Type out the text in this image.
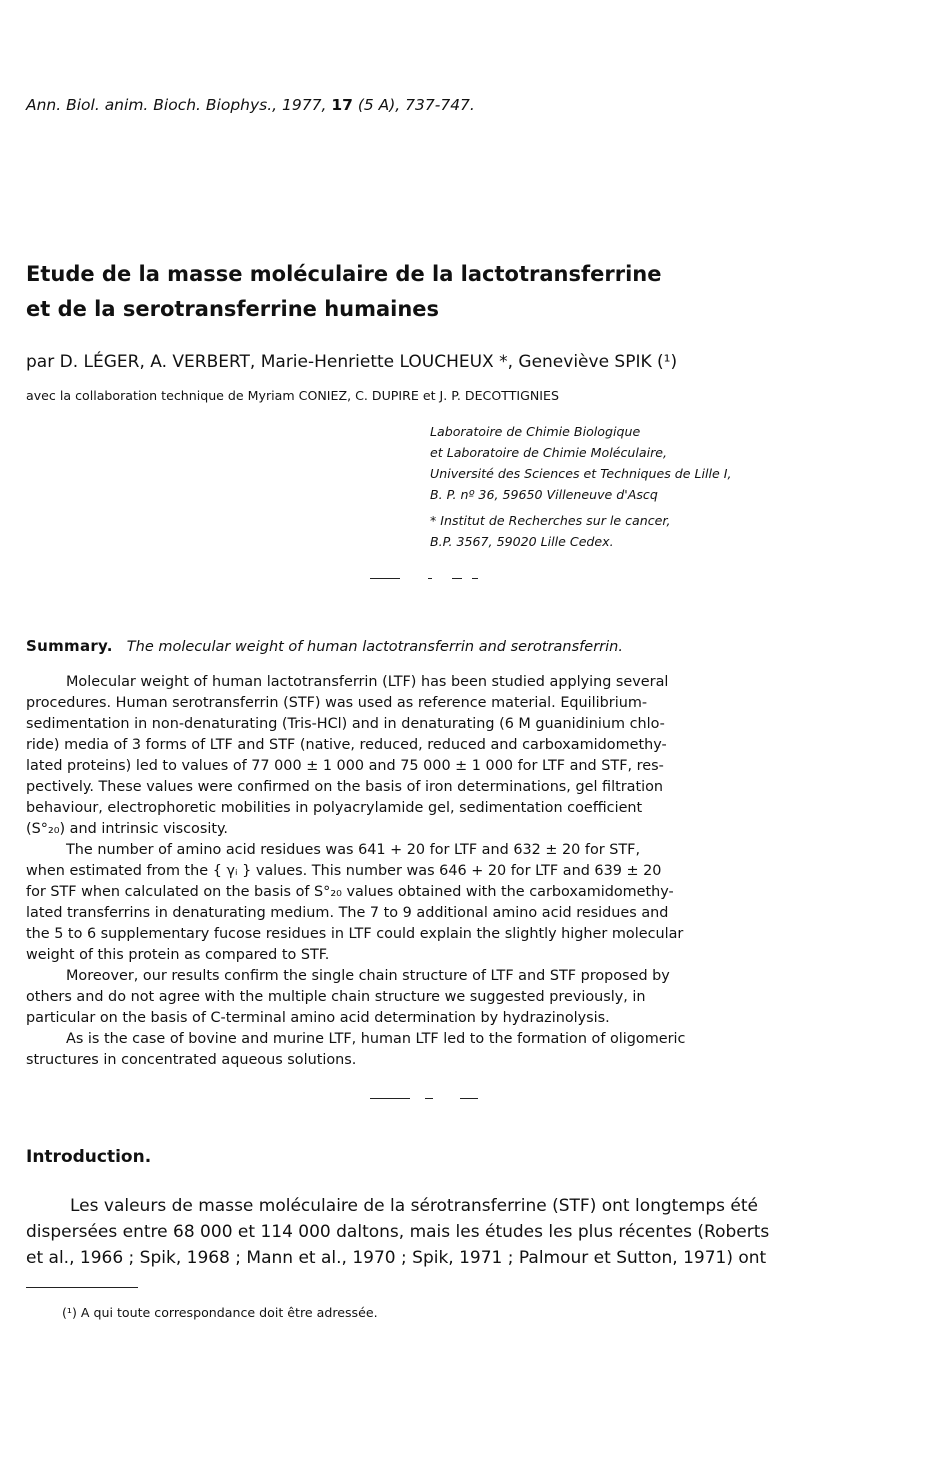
Ann. Biol. anim. Bioch. Biophys., 1977, 17 (5 A), 737-747.
Etude de la masse moléculaire de la lactotransferrine
et de la serotransferrine humaines
par D. LÉGER, A. VERBERT, Marie-Henriette LOUCHEUX *, Geneviève SPIK (¹)
avec la collaboration technique de Myriam CONIEZ, C. DUPIRE et J. P. DECOTTIGNIES
Laboratoire de Chimie Biologique
et Laboratoire de Chimie Moléculaire,
Université des Sciences et Techniques de Lille I,
B. P. nº 36, 59650 Villeneuve d'Ascq
* Institut de Recherches sur le cancer,
B.P. 3567, 59020 Lille Cedex.
Summary. The molecular weight of human lactotransferrin and serotransferrin.
Molecular weight of human lactotransferrin (LTF) has been studied applying several
procedures. Human serotransferrin (STF) was used as reference material. Equilibrium-
sedimentation in non-denaturating (Tris-HCl) and in denaturating (6 M guanidinium chlo-
ride) media of 3 forms of LTF and STF (native, reduced, reduced and carboxamidomethy-
lated proteins) led to values of 77 000 ± 1 000 and 75 000 ± 1 000 for LTF and STF, res-
pectively. These values were confirmed on the basis of iron determinations, gel filtration
behaviour, electrophoretic mobilities in polyacrylamide gel, sedimentation coefficient
(S°₂₀) and intrinsic viscosity.
The number of amino acid residues was 641 + 20 for LTF and 632 ± 20 for STF,
when estimated from the { γᵢ } values. This number was 646 + 20 for LTF and 639 ± 20
for STF when calculated on the basis of S°₂₀ values obtained with the carboxamidomethy-
lated transferrins in denaturating medium. The 7 to 9 additional amino acid residues and
the 5 to 6 supplementary fucose residues in LTF could explain the slightly higher molecular
weight of this protein as compared to STF.
Moreover, our results confirm the single chain structure of LTF and STF proposed by
others and do not agree with the multiple chain structure we suggested previously, in
particular on the basis of C-terminal amino acid determination by hydrazinolysis.
As is the case of bovine and murine LTF, human LTF led to the formation of oligomeric
structures in concentrated aqueous solutions.
Introduction.
Les valeurs de masse moléculaire de la sérotransferrine (STF) ont longtemps été
dispersées entre 68 000 et 114 000 daltons, mais les études les plus récentes (Roberts
et al., 1966 ; Spik, 1968 ; Mann et al., 1970 ; Spik, 1971 ; Palmour et Sutton, 1971) ont
(¹) A qui toute correspondance doit être adressée.
